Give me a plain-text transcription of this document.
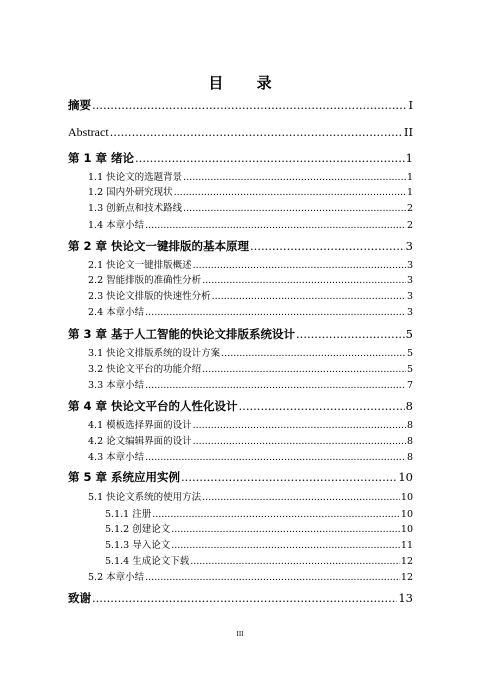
目 录
摘要 .....	I
Abstract .....	II
第 1 章 绪论 .....	1
1.1 快论文的选题背景 .....	1
1.2 国内外研究现状 .....	1
1.3 创新点和技术路线 .....	2
1.4 本章小结 .....	2
第 2 章 快论文一键排版的基本原理 .....	3
2.1 快论文一键排版概述 .....	3
2.2 智能排版的准确性分析 .....	3
2.3 快论文排版的快速性分析 .....	3
2.4 本章小结 .....	3
第 3 章 基于人工智能的快论文排版系统设计 .....	5
3.1 快论文排版系统的设计方案 .....	5
3.2 快论文平台的功能介绍 .....	5
3.3 本章小结 .....	7
第 4 章 快论文平台的人性化设计 .....	8
4.1 模板选择界面的设计 .....	8
4.2 论文编辑界面的设计 .....	8
4.3 本章小结 .....	8
第 5 章 系统应用实例 .....	10
5.1 快论文系统的使用方法 .....	10
5.1.1 注册 .....	10
5.1.2 创建论文 .....	10
5.1.3 导入论文 .....	11
5.1.4 生成论文下载 .....	12
5.2 本章小结 .....	12
致谢 .....	13
III
